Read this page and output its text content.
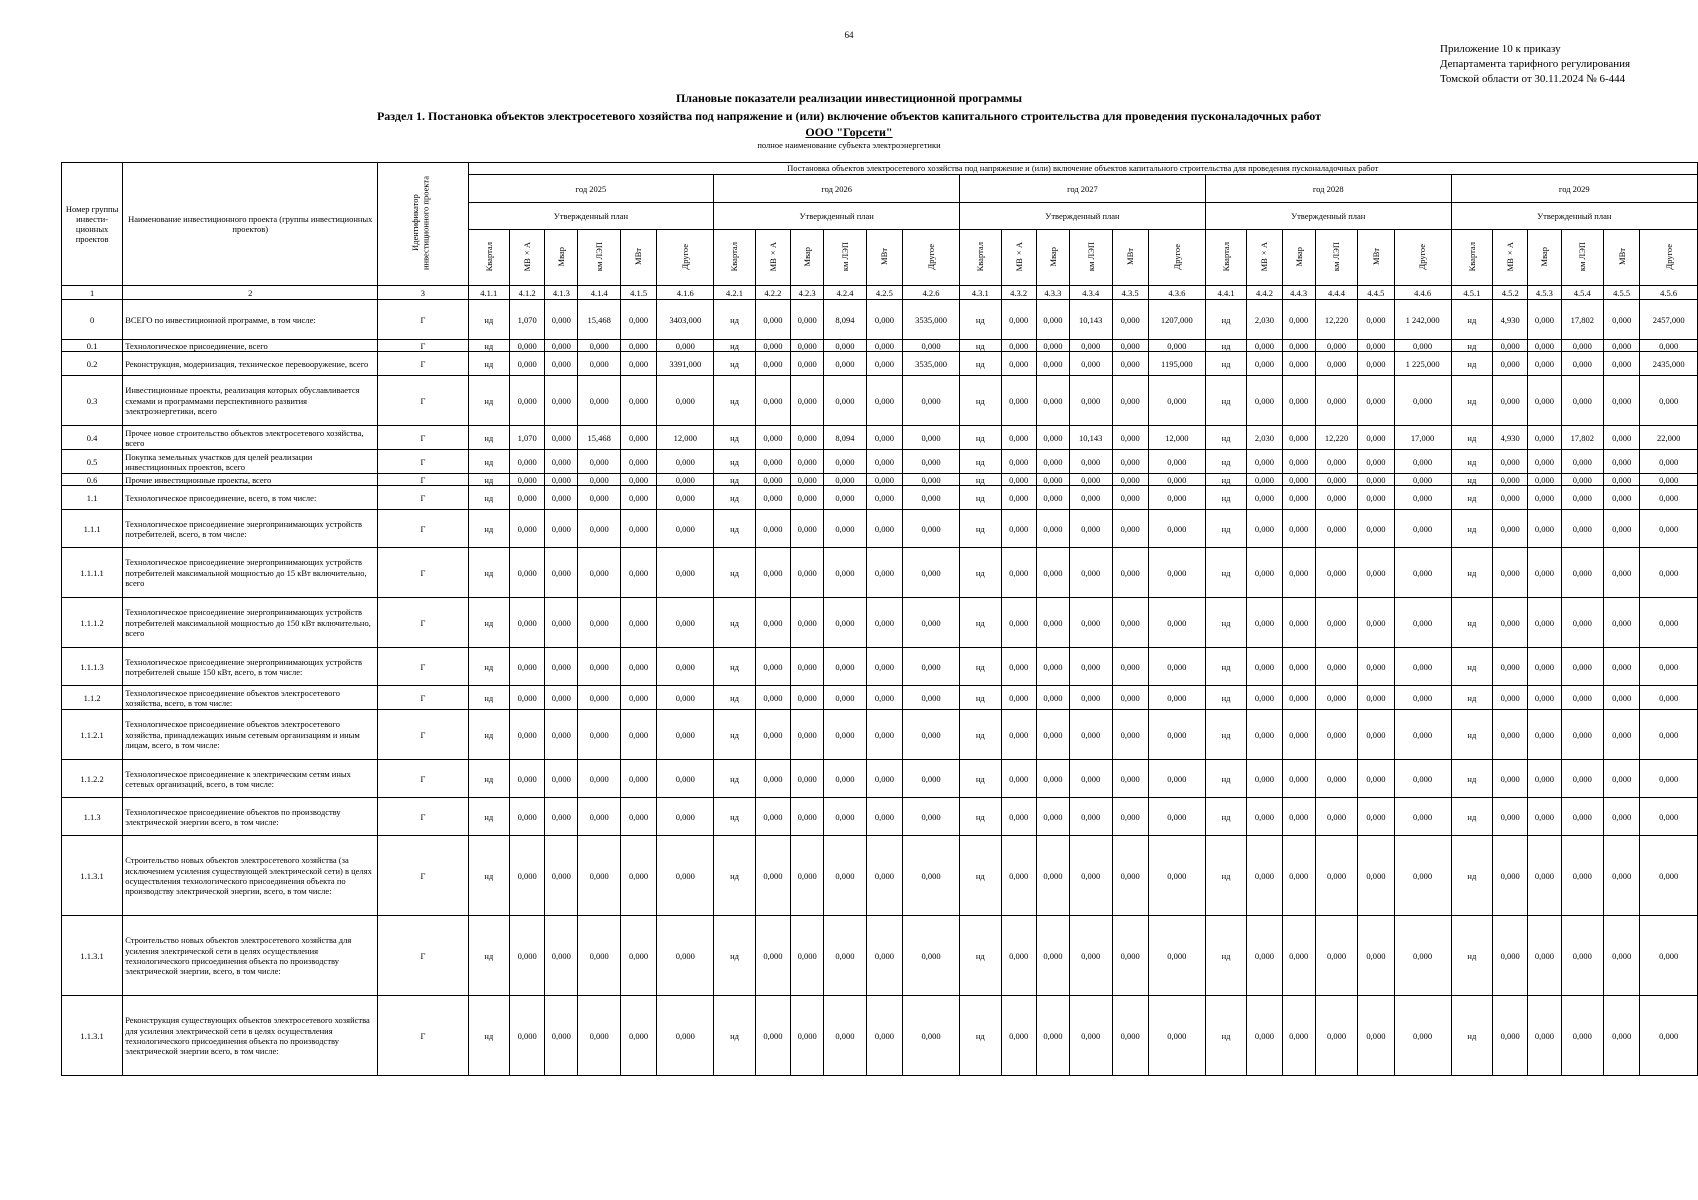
64
Приложение 10 к приказу
Департамента тарифного регулирования
Томской области от 30.11.2024 № 6-444
Плановые показатели реализации инвестиционной программы
Раздел 1. Постановка объектов электросетевого хозяйства под напряжение и (или) включение объектов капитального строительства для проведения пусконаладочных работ
ООО "Горсети"
полное наименование субъекта электроэнергетики
Номер группы инвести-ционных проектов	Наименование инвестиционного проекта (группы инвестиционных проектов)	Идентификатор инвестиционного проекта	Постановка объектов электросетевого хозяйства под напряжение и (или) включение объектов капитального строительства для проведения пусконаладочных работ																													
			год 2025						год 2026						год 2027						год 2028						год 2029					
			Утвержденный план						Утвержденный план						Утвержденный план						Утвержденный план						Утвержденный план					
			Квартал	МВ×А	Мвар	км ЛЭП	МВт	Другое	Квартал	МВ×А	Мвар	км ЛЭП	МВт	Другое	Квартал	МВ×А	Мвар	км ЛЭП	МВт	Другое	Квартал	МВ×А	Мвар	км ЛЭП	МВт	Другое	Квартал	МВ×А	Мвар	км ЛЭП	МВт	Другое
1	2	3	4.1.1	4.1.2	4.1.3	4.1.4	4.1.5	4.1.6	4.2.1	4.2.2	4.2.3	4.2.4	4.2.5	4.2.6	4.3.1	4.3.2	4.3.3	4.3.4	4.3.5	4.3.6	4.4.1	4.4.2	4.4.3	4.4.4	4.4.5	4.4.6	4.5.1	4.5.2	4.5.3	4.5.4	4.5.5	4.5.6
0	ВСЕГО по инвестиционной программе, в том числе:	Г	нд	1,070	0,000	15,468	0,000	3403,000	нд	0,000	0,000	8,094	0,000	3535,000	нд	0,000	0,000	10,143	0,000	1207,000	нд	2,030	0,000	12,220	0,000	1 242,000	нд	4,930	0,000	17,802	0,000	2457,000
0.1	Технологическое присоединение, всего	Г	нд	0,000	0,000	0,000	0,000	0,000	нд	0,000	0,000	0,000	0,000	0,000	нд	0,000	0,000	0,000	0,000	0,000	нд	0,000	0,000	0,000	0,000	0,000	нд	0,000	0,000	0,000	0,000	0,000
0.2	Реконструкция, модернизация, техническое перевооружение, всего	Г	нд	0,000	0,000	0,000	0,000	3391,000	нд	0,000	0,000	0,000	0,000	3535,000	нд	0,000	0,000	0,000	0,000	1195,000	нд	0,000	0,000	0,000	0,000	1 225,000	нд	0,000	0,000	0,000	0,000	2435,000
0.3	Инвестиционные проекты, реализация которых обуславливается схемами и программами перспективного развития электроэнергетики, всего	Г	нд	0,000	0,000	0,000	0,000	0,000	нд	0,000	0,000	0,000	0,000	0,000	нд	0,000	0,000	0,000	0,000	0,000	нд	0,000	0,000	0,000	0,000	0,000	нд	0,000	0,000	0,000	0,000	0,000
0.4	Прочее новое строительство объектов электросетевого хозяйства, всего	Г	нд	1,070	0,000	15,468	0,000	12,000	нд	0,000	0,000	8,094	0,000	0,000	нд	0,000	0,000	10,143	0,000	12,000	нд	2,030	0,000	12,220	0,000	17,000	нд	4,930	0,000	17,802	0,000	22,000
0.5	Покупка земельных участков для целей реализации инвестиционных проектов, всего	Г	нд	0,000	0,000	0,000	0,000	0,000	нд	0,000	0,000	0,000	0,000	0,000	нд	0,000	0,000	0,000	0,000	0,000	нд	0,000	0,000	0,000	0,000	0,000	нд	0,000	0,000	0,000	0,000	0,000
0.6	Прочие инвестиционные проекты, всего	Г	нд	0,000	0,000	0,000	0,000	0,000	нд	0,000	0,000	0,000	0,000	0,000	нд	0,000	0,000	0,000	0,000	0,000	нд	0,000	0,000	0,000	0,000	0,000	нд	0,000	0,000	0,000	0,000	0,000
1.1	Технологическое присоединение, всего, в том числе:	Г	нд	0,000	0,000	0,000	0,000	0,000	нд	0,000	0,000	0,000	0,000	0,000	нд	0,000	0,000	0,000	0,000	0,000	нд	0,000	0,000	0,000	0,000	0,000	нд	0,000	0,000	0,000	0,000	0,000
1.1.1	Технологическое присоединение энергопринимающих устройств потребителей, всего, в том числе:	Г	нд	0,000	0,000	0,000	0,000	0,000	нд	0,000	0,000	0,000	0,000	0,000	нд	0,000	0,000	0,000	0,000	0,000	нд	0,000	0,000	0,000	0,000	0,000	нд	0,000	0,000	0,000	0,000	0,000
1.1.1.1	Технологическое присоединение энергопринимающих устройств потребителей максимальной мощностью до 15 кВт включительно, всего	Г	нд	0,000	0,000	0,000	0,000	0,000	нд	0,000	0,000	0,000	0,000	0,000	нд	0,000	0,000	0,000	0,000	0,000	нд	0,000	0,000	0,000	0,000	0,000	нд	0,000	0,000	0,000	0,000	0,000
1.1.1.2	Технологическое присоединение энергопринимающих устройств потребителей максимальной мощностью до 150 кВт включительно, всего	Г	нд	0,000	0,000	0,000	0,000	0,000	нд	0,000	0,000	0,000	0,000	0,000	нд	0,000	0,000	0,000	0,000	0,000	нд	0,000	0,000	0,000	0,000	0,000	нд	0,000	0,000	0,000	0,000	0,000
1.1.1.3	Технологическое присоединение энергопринимающих устройств потребителей свыше 150 кВт, всего, в том числе:	Г	нд	0,000	0,000	0,000	0,000	0,000	нд	0,000	0,000	0,000	0,000	0,000	нд	0,000	0,000	0,000	0,000	0,000	нд	0,000	0,000	0,000	0,000	0,000	нд	0,000	0,000	0,000	0,000	0,000
1.1.2	Технологическое присоединение объектов электросетевого хозяйства, всего, в том числе:	Г	нд	0,000	0,000	0,000	0,000	0,000	нд	0,000	0,000	0,000	0,000	0,000	нд	0,000	0,000	0,000	0,000	0,000	нд	0,000	0,000	0,000	0,000	0,000	нд	0,000	0,000	0,000	0,000	0,000
1.1.2.1	Технологическое присоединение объектов электросетевого хозяйства, принадлежащих иным сетевым организациям и иным лицам, всего, в том числе:	Г	нд	0,000	0,000	0,000	0,000	0,000	нд	0,000	0,000	0,000	0,000	0,000	нд	0,000	0,000	0,000	0,000	0,000	нд	0,000	0,000	0,000	0,000	0,000	нд	0,000	0,000	0,000	0,000	0,000
1.1.2.2	Технологическое присоединение к электрическим сетям иных сетевых организаций, всего, в том числе:	Г	нд	0,000	0,000	0,000	0,000	0,000	нд	0,000	0,000	0,000	0,000	0,000	нд	0,000	0,000	0,000	0,000	0,000	нд	0,000	0,000	0,000	0,000	0,000	нд	0,000	0,000	0,000	0,000	0,000
1.1.3	Технологическое присоединение объектов по производству электрической энергии всего, в том числе:	Г	нд	0,000	0,000	0,000	0,000	0,000	нд	0,000	0,000	0,000	0,000	0,000	нд	0,000	0,000	0,000	0,000	0,000	нд	0,000	0,000	0,000	0,000	0,000	нд	0,000	0,000	0,000	0,000	0,000
1.1.3.1	Строительство новых объектов электросетевого хозяйства (за исключением усиления существующей электрической сети) в целях осуществления технологического присоединения объекта по производству электрической энергии, всего, в том числе:	Г	нд	0,000	0,000	0,000	0,000	0,000	нд	0,000	0,000	0,000	0,000	0,000	нд	0,000	0,000	0,000	0,000	0,000	нд	0,000	0,000	0,000	0,000	0,000	нд	0,000	0,000	0,000	0,000	0,000
1.1.3.1	Строительство новых объектов электросетевого хозяйства для усиления электрической сети в целях осуществления технологического присоединения объекта по производству электрической энергии, всего, в том числе:	Г	нд	0,000	0,000	0,000	0,000	0,000	нд	0,000	0,000	0,000	0,000	0,000	нд	0,000	0,000	0,000	0,000	0,000	нд	0,000	0,000	0,000	0,000	0,000	нд	0,000	0,000	0,000	0,000	0,000
1.1.3.1	Реконструкция существующих объектов электросетевого хозяйства для усиления электрической сети в целях осуществления технологического присоединения объекта по производству электрической энергии всего, в том числе:	Г	нд	0,000	0,000	0,000	0,000	0,000	нд	0,000	0,000	0,000	0,000	0,000	нд	0,000	0,000	0,000	0,000	0,000	нд	0,000	0,000	0,000	0,000	0,000	нд	0,000	0,000	0,000	0,000	0,000
